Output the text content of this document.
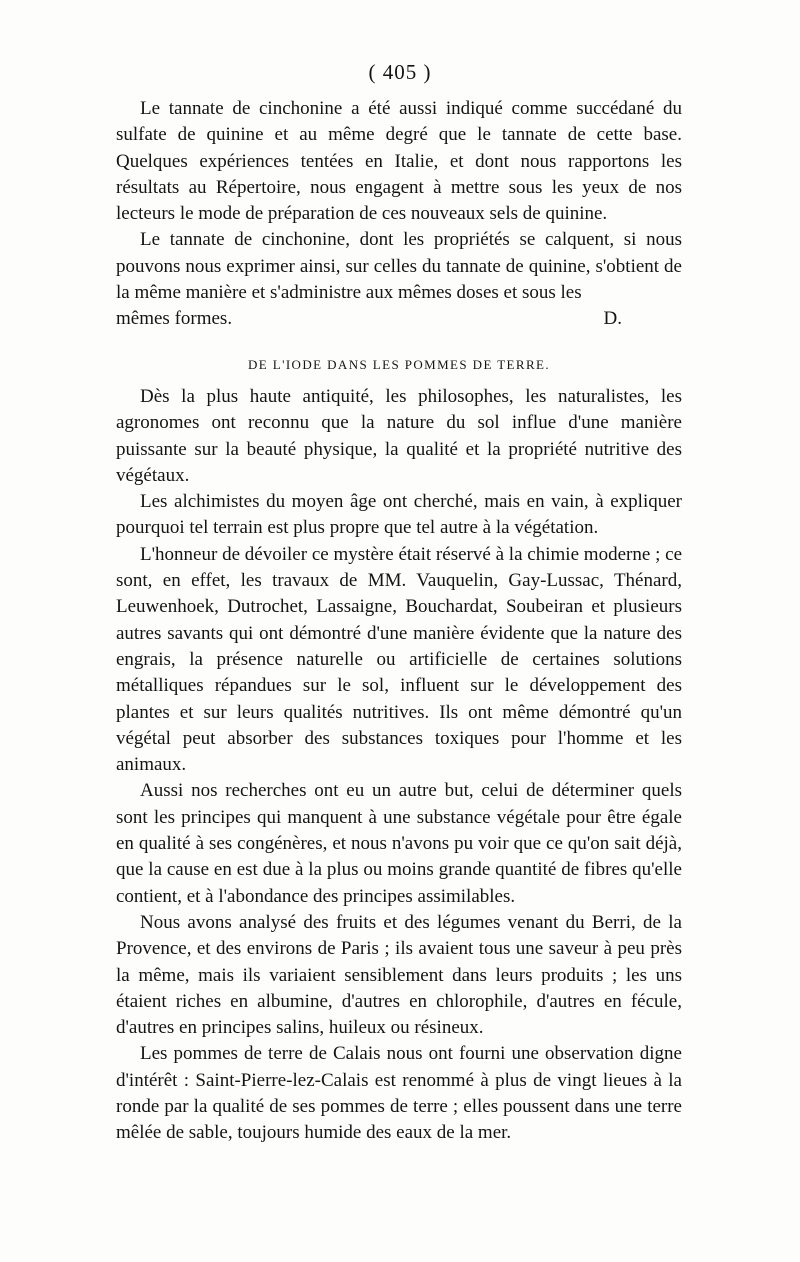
( 405 )

Le tannate de cinchonine a été aussi indiqué comme succédané du sulfate de quinine et au même degré que le tannate de cette base. Quelques expériences tentées en Italie, et dont nous rapportons les résultats au Répertoire, nous engagent à mettre sous les yeux de nos lecteurs le mode de préparation de ces nouveaux sels de quinine.

Le tannate de cinchonine, dont les propriétés se calquent, si nous pouvons nous exprimer ainsi, sur celles du tannate de quinine, s'obtient de la même manière et s'administre aux mêmes doses et sous les

mêmes formes.	D.
DE L'IODE DANS LES POMMES DE TERRE.

Dès la plus haute antiquité, les philosophes, les naturalistes, les agronomes ont reconnu que la nature du sol influe d'une manière puissante sur la beauté physique, la qualité et la propriété nutritive des végétaux.

Les alchimistes du moyen âge ont cherché, mais en vain, à expliquer pourquoi tel terrain est plus propre que tel autre à la végétation.

L'honneur de dévoiler ce mystère était réservé à la chimie moderne ; ce sont, en effet, les travaux de MM. Vauquelin, Gay-Lussac, Thénard, Leuwenhoek, Dutrochet, Lassaigne, Bouchardat, Soubeiran et plusieurs autres savants qui ont démontré d'une manière évidente que la nature des engrais, la présence naturelle ou artificielle de certaines solutions métalliques répandues sur le sol, influent sur le développement des plantes et sur leurs qualités nutritives. Ils ont même démontré qu'un végétal peut absorber des substances toxiques pour l'homme et les animaux.

Aussi nos recherches ont eu un autre but, celui de déterminer quels sont les principes qui manquent à une substance végétale pour être égale en qualité à ses congénères, et nous n'avons pu voir que ce qu'on sait déjà, que la cause en est due à la plus ou moins grande quantité de fibres qu'elle contient, et à l'abondance des principes assimilables.

Nous avons analysé des fruits et des légumes venant du Berri, de la Provence, et des environs de Paris ; ils avaient tous une saveur à peu près la même, mais ils variaient sensiblement dans leurs produits ; les uns étaient riches en albumine, d'autres en chlorophile, d'autres en fécule, d'autres en principes salins, huileux ou résineux.

Les pommes de terre de Calais nous ont fourni une observation digne d'intérêt : Saint-Pierre-lez-Calais est renommé à plus de vingt lieues à la ronde par la qualité de ses pommes de terre ; elles poussent dans une terre mêlée de sable, toujours humide des eaux de la mer.
